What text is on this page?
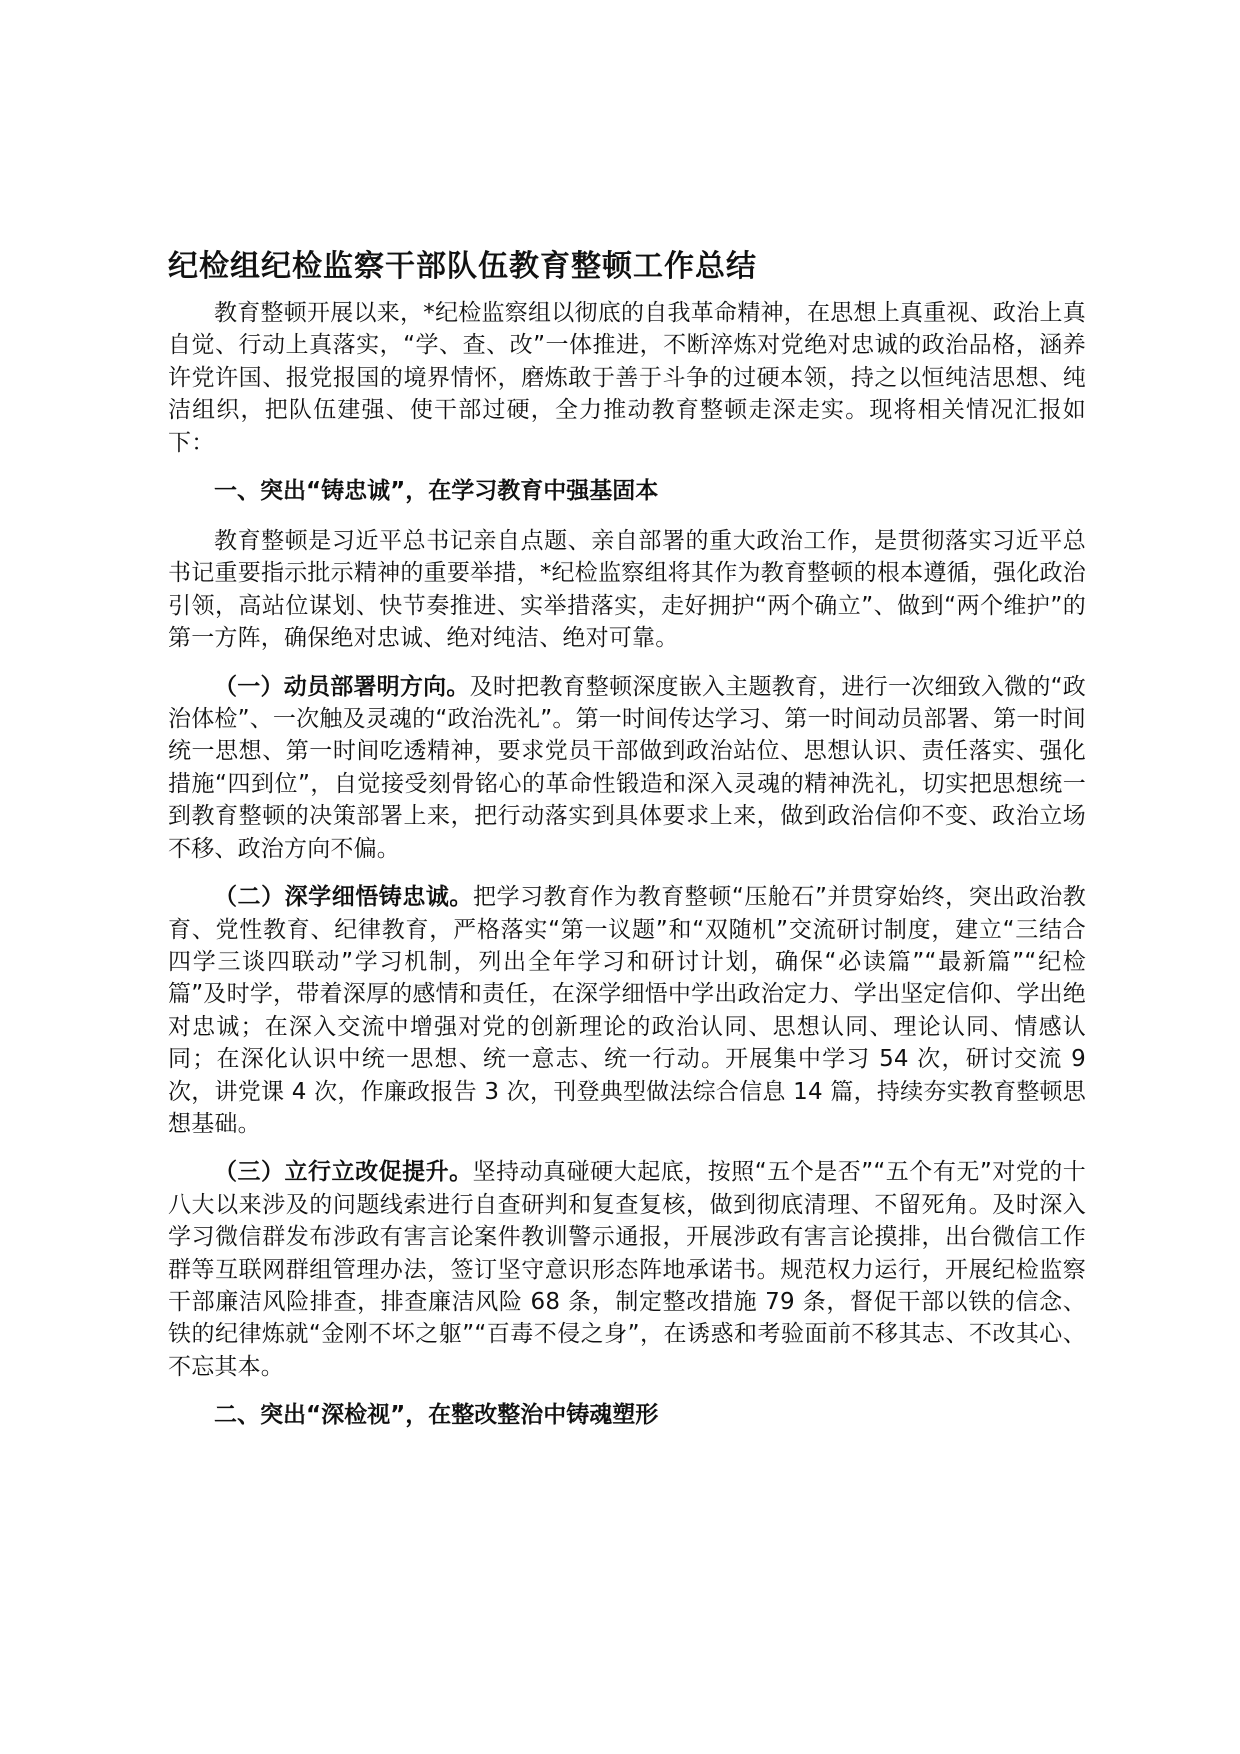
纪检组纪检监察干部队伍教育整顿工作总结

教育整顿开展以来，*纪检监察组以彻底的自我革命精神，在思想上真重视、政治上真自觉、行动上真落实，“学、查、改”一体推进，不断淬炼对党绝对忠诚的政治品格，涵养许党许国、报党报国的境界情怀，磨炼敢于善于斗争的过硬本领，持之以恒纯洁思想、纯洁组织，把队伍建强、使干部过硬，全力推动教育整顿走深走实。现将相关情况汇报如下：

一、突出“铸忠诚”，在学习教育中强基固本

教育整顿是习近平总书记亲自点题、亲自部署的重大政治工作，是贯彻落实习近平总书记重要指示批示精神的重要举措，*纪检监察组将其作为教育整顿的根本遵循，强化政治引领，高站位谋划、快节奏推进、实举措落实，走好拥护“两个确立”、做到“两个维护”的第一方阵，确保绝对忠诚、绝对纯洁、绝对可靠。

（一）动员部署明方向。及时把教育整顿深度嵌入主题教育，进行一次细致入微的“政治体检”、一次触及灵魂的“政治洗礼”。第一时间传达学习、第一时间动员部署、第一时间统一思想、第一时间吃透精神，要求党员干部做到政治站位、思想认识、责任落实、强化措施“四到位”，自觉接受刻骨铭心的革命性锻造和深入灵魂的精神洗礼，切实把思想统一到教育整顿的决策部署上来，把行动落实到具体要求上来，做到政治信仰不变、政治立场不移、政治方向不偏。

（二）深学细悟铸忠诚。把学习教育作为教育整顿“压舱石”并贯穿始终，突出政治教育、党性教育、纪律教育，严格落实“第一议题”和“双随机”交流研讨制度，建立“三结合四学三谈四联动”学习机制，列出全年学习和研讨计划，确保“必读篇”“最新篇”“纪检篇”及时学，带着深厚的感情和责任，在深学细悟中学出政治定力、学出坚定信仰、学出绝对忠诚；在深入交流中增强对党的创新理论的政治认同、思想认同、理论认同、情感认同；在深化认识中统一思想、统一意志、统一行动。开展集中学习 54 次，研讨交流 9 次，讲党课 4 次，作廉政报告 3 次，刊登典型做法综合信息 14 篇，持续夯实教育整顿思想基础。

（三）立行立改促提升。坚持动真碰硬大起底，按照“五个是否”“五个有无”对党的十八大以来涉及的问题线索进行自查研判和复查复核，做到彻底清理、不留死角。及时深入学习微信群发布涉政有害言论案件教训警示通报，开展涉政有害言论摸排，出台微信工作群等互联网群组管理办法，签订坚守意识形态阵地承诺书。规范权力运行，开展纪检监察干部廉洁风险排查，排查廉洁风险 68 条，制定整改措施 79 条，督促干部以铁的信念、铁的纪律炼就“金刚不坏之躯”“百毒不侵之身”，在诱惑和考验面前不移其志、不改其心、不忘其本。

二、突出“深检视”，在整改整治中铸魂塑形
